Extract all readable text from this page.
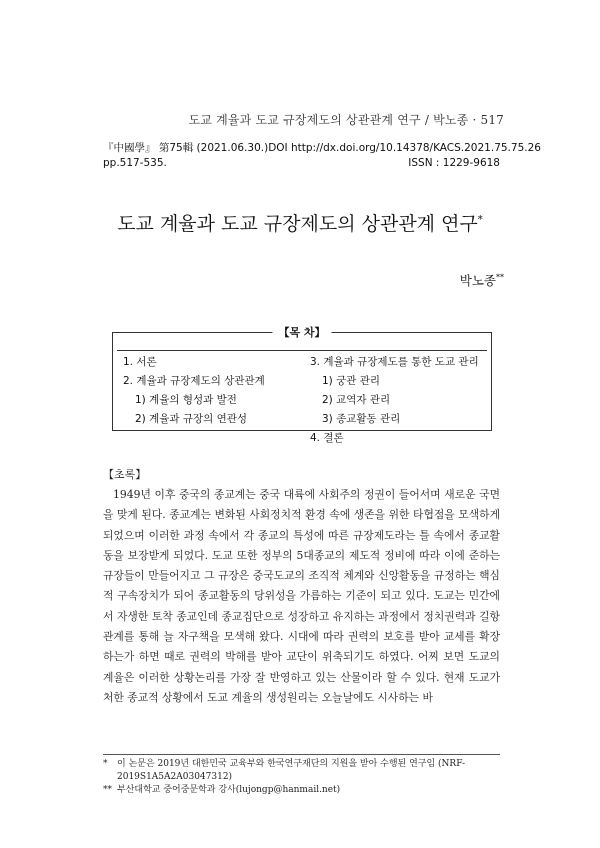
도교 계율과 도교 규장제도의 상관관계 연구 / 박노종 · 517
『中國學』 第75輯 (2021.06.30.) DOI http://dx.doi.org/10.14378/KACS.2021.75.75.26
pp.517-535.	ISSN : 1229-9618
도교 계율과 도교 규장제도의 상관관계 연구*
박노종**
【목 차】
1. 서론
2. 계율과 규장제도의 상관관계
1) 계율의 형성과 발전
2) 계율과 규장의 연관성
3. 계율과 규장제도를 통한 도교 관리
1) 궁관 관리
2) 교역자 관리
3) 종교활동 관리
4. 결론
【초록】

1949년 이후 중국의 종교계는 중국 대륙에 사회주의 정권이 들어서며 새로운 국면을 맞게 된다. 종교계는 변화된 사회정치적 환경 속에 생존을 위한 타협점을 모색하게 되었으며 이러한 과정 속에서 각 종교의 특성에 따른 규장제도라는 틀 속에서 종교활동을 보장받게 되었다. 도교 또한 정부의 5대종교의 제도적 정비에 따라 이에 준하는 규장들이 만들어지고 그 규장은 중국도교의 조직적 체계와 신앙활동을 규정하는 핵심적 구속장치가 되어 종교활동의 당위성을 가름하는 기준이 되고 있다. 도교는 민간에서 자생한 토착 종교인데 종교집단으로 성장하고 유지하는 과정에서 정치권력과 길항관계를 통해 늘 자구책을 모색해 왔다. 시대에 따라 권력의 보호를 받아 교세를 확장하는가 하면 때로 권력의 박해를 받아 교단이 위축되기도 하였다. 어찌 보면 도교의 계율은 이러한 상황논리를 가장 잘 반영하고 있는 산물이라 할 수 있다. 현재 도교가 처한 종교적 상황에서 도교 계율의 생성원리는 오늘날에도 시사하는 바

*	이 논문은 2019년 대한민국 교육부와 한국연구재단의 지원을 받아 수행된 연구임 (NRF-2019S1A5A2A03047312)
** 부산대학교 중어중문학과 강사(lujongp@hanmail.net)
